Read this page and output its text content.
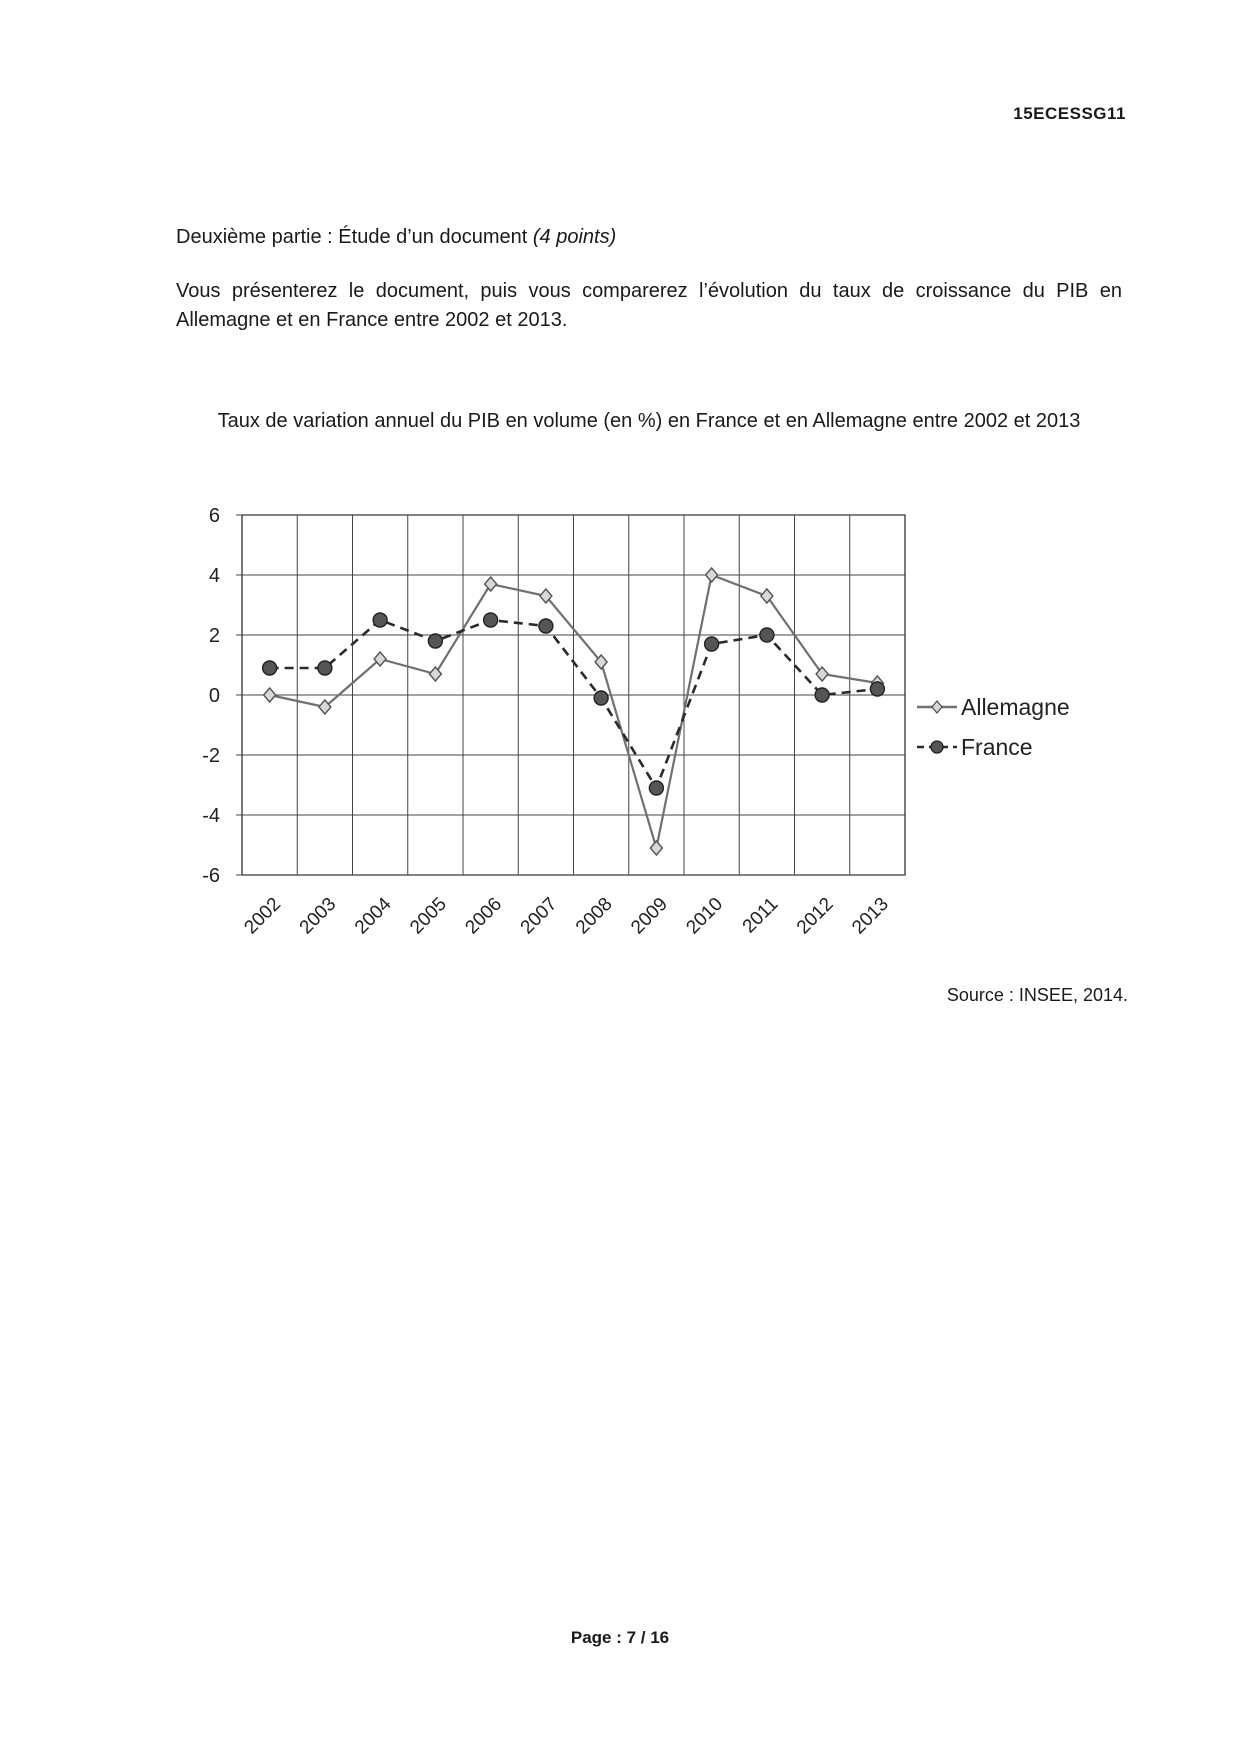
15ECESSG11
Deuxième partie : Étude d’un document (4 points)
Vous présenterez le document, puis vous comparerez l’évolution du taux de croissance du PIB en Allemagne et en France entre 2002 et 2013.
Taux de variation annuel du PIB en volume (en %) en France et en Allemagne entre 2002 et 2013
6
4
2
0
-2
-4
-6
2002 2003 2004 2005 2006 2007 2008 2009 2010 2011 2012 2013
Allemagne
France
Source : INSEE, 2014.
Page : 7 / 16
